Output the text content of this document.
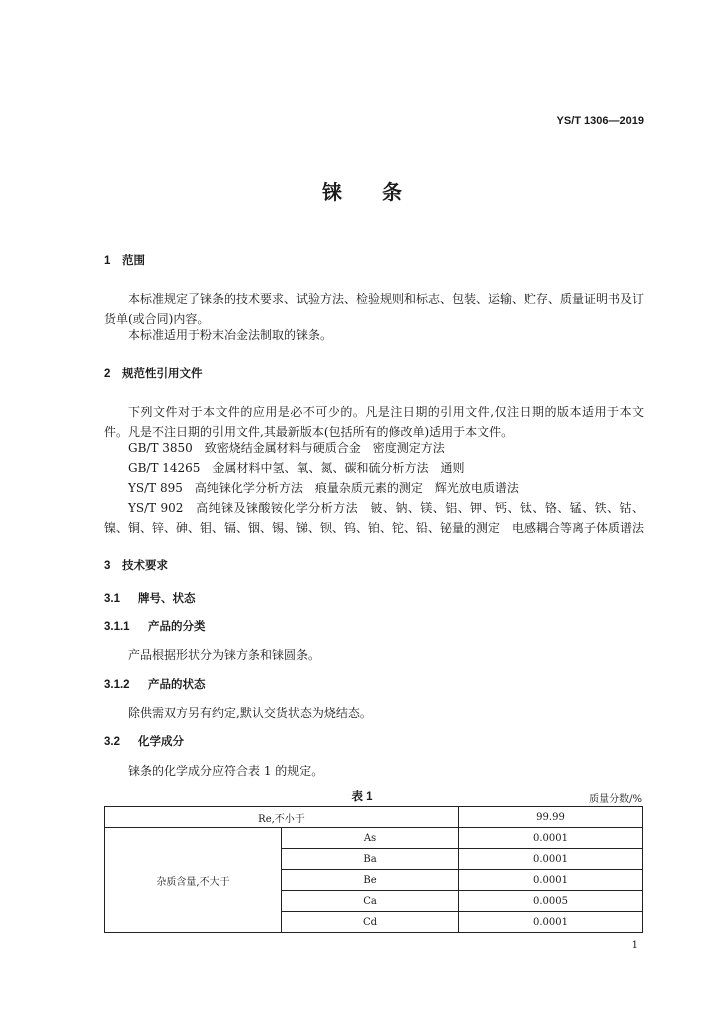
YS/T 1306—2019
铼条
1 范围
本标准规定了铼条的技术要求、试验方法、检验规则和标志、包装、运输、贮存、质量证明书及订货单(或合同)内容。
本标准适用于粉末冶金法制取的铼条。
2 规范性引用文件
下列文件对于本文件的应用是必不可少的。凡是注日期的引用文件,仅注日期的版本适用于本文件。凡是不注日期的引用文件,其最新版本(包括所有的修改单)适用于本文件。
GB/T 3850　致密烧结金属材料与硬质合金　密度测定方法
GB/T 14265　金属材料中氢、氧、氮、碳和硫分析方法　通则
YS/T 895　高纯铼化学分析方法　痕量杂质元素的测定　辉光放电质谱法
YS/T 902　高纯铼及铼酸铵化学分析方法　铍、钠、镁、铝、钾、钙、钛、铬、锰、铁、钴、镍、铜、锌、砷、钼、镉、铟、锡、锑、钡、钨、铂、铊、铅、铋量的测定　电感耦合等离子体质谱法
3 技术要求
3.1 牌号、状态
3.1.1 产品的分类
产品根据形状分为铼方条和铼圆条。
3.1.2 产品的状态
除供需双方另有约定,默认交货状态为烧结态。
3.2 化学成分
铼条的化学成分应符合表 1 的规定。
表 1	质量分数/%
Re,不小于		99.99
杂质含量,不大于	As	0.0001
	Ba	0.0001
	Be	0.0001
	Ca	0.0005
	Cd	0.0001
1
